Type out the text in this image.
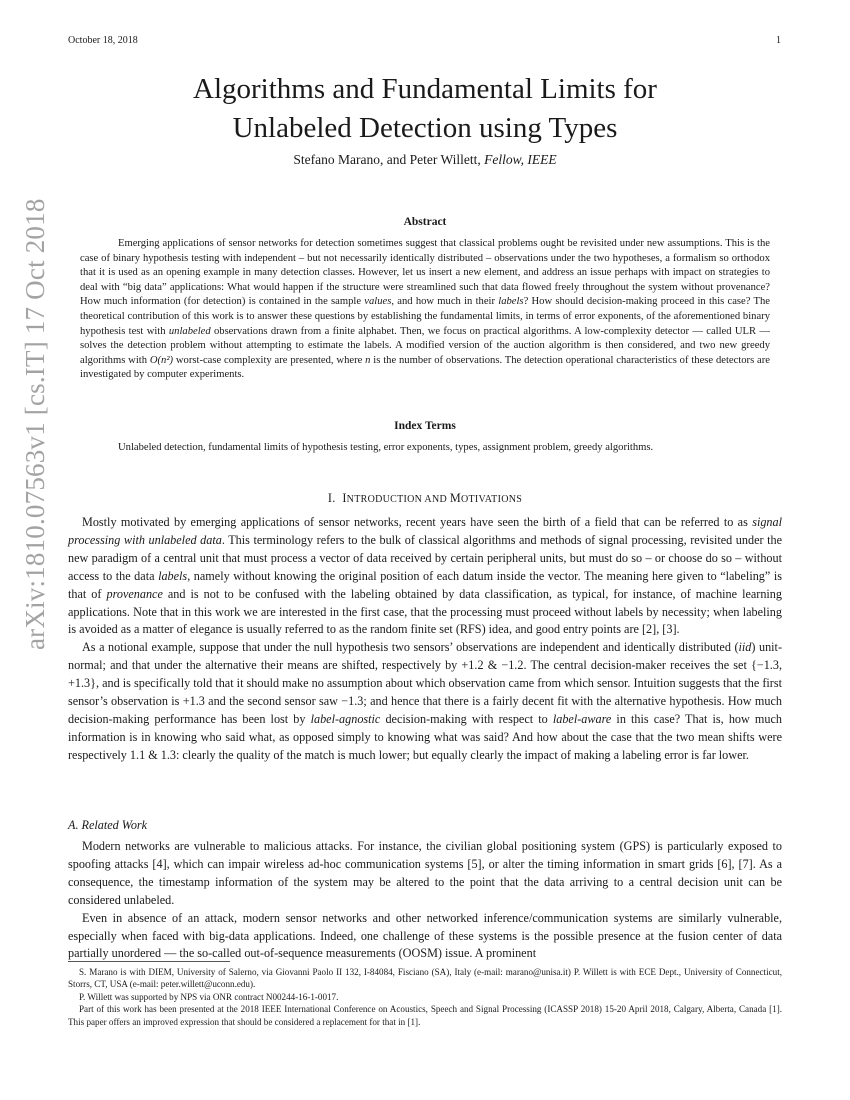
October 18, 2018	1
arXiv:1810.07563v1 [cs.IT] 17 Oct 2018
Algorithms and Fundamental Limits for
Unlabeled Detection using Types
Stefano Marano, and Peter Willett, Fellow, IEEE
Abstract
Emerging applications of sensor networks for detection sometimes suggest that classical problems ought be revisited under new assumptions. This is the case of binary hypothesis testing with independent – but not necessarily identically distributed – observations under the two hypotheses, a formalism so orthodox that it is used as an opening example in many detection classes. However, let us insert a new element, and address an issue perhaps with impact on strategies to deal with “big data” applications: What would happen if the structure were streamlined such that data flowed freely throughout the system without provenance? How much information (for detection) is contained in the sample values, and how much in their labels? How should decision-making proceed in this case? The theoretical contribution of this work is to answer these questions by establishing the fundamental limits, in terms of error exponents, of the aforementioned binary hypothesis test with unlabeled observations drawn from a finite alphabet. Then, we focus on practical algorithms. A low-complexity detector — called ULR — solves the detection problem without attempting to estimate the labels. A modified version of the auction algorithm is then considered, and two new greedy algorithms with O(n²) worst-case complexity are presented, where n is the number of observations. The detection operational characteristics of these detectors are investigated by computer experiments.
Index Terms
Unlabeled detection, fundamental limits of hypothesis testing, error exponents, types, assignment problem, greedy algorithms.
I. INTRODUCTION AND MOTIVATIONS

Mostly motivated by emerging applications of sensor networks, recent years have seen the birth of a field that can be referred to as signal processing with unlabeled data. This terminology refers to the bulk of classical algorithms and methods of signal processing, revisited under the new paradigm of a central unit that must process a vector of data received by certain peripheral units, but must do so – or choose do so – without access to the data labels, namely without knowing the original position of each datum inside the vector. The meaning here given to “labeling” is that of provenance and is not to be confused with the labeling obtained by data classification, as typical, for instance, of machine learning applications. Note that in this work we are interested in the first case, that the processing must proceed without labels by necessity; when labeling is avoided as a matter of elegance is usually referred to as the random finite set (RFS) idea, and good entry points are [2], [3].

As a notional example, suppose that under the null hypothesis two sensors’ observations are independent and identically distributed (iid) unit-normal; and that under the alternative their means are shifted, respectively by +1.2 & −1.2. The central decision-maker receives the set {−1.3, +1.3}, and is specifically told that it should make no assumption about which observation came from which sensor. Intuition suggests that the first sensor’s observation is +1.3 and the second sensor saw −1.3; and hence that there is a fairly decent fit with the alternative hypothesis. How much decision-making performance has been lost by label-agnostic decision-making with respect to label-aware in this case? That is, how much information is in knowing who said what, as opposed simply to knowing what was said? And how about the case that the two mean shifts were respectively 1.1 & 1.3: clearly the quality of the match is much lower; but equally clearly the impact of making a labeling error is far lower.

A. Related Work

Modern networks are vulnerable to malicious attacks. For instance, the civilian global positioning system (GPS) is particularly exposed to spoofing attacks [4], which can impair wireless ad-hoc communication systems [5], or alter the timing information in smart grids [6], [7]. As a consequence, the timestamp information of the system may be altered to the point that the data arriving to a central decision unit can be considered unlabeled.

Even in absence of an attack, modern sensor networks and other networked inference/communication systems are similarly vulnerable, especially when faced with big-data applications. Indeed, one challenge of these systems is the possible presence at the fusion center of data partially unordered — the so-called out-of-sequence measurements (OOSM) issue. A prominent

S. Marano is with DIEM, University of Salerno, via Giovanni Paolo II 132, I-84084, Fisciano (SA), Italy (e-mail: marano@unisa.it) P. Willett is with ECE Dept., University of Connecticut, Storrs, CT, USA (e-mail: peter.willett@uconn.edu).

P. Willett was supported by NPS via ONR contract N00244-16-1-0017.

Part of this work has been presented at the 2018 IEEE International Conference on Acoustics, Speech and Signal Processing (ICASSP 2018) 15-20 April 2018, Calgary, Alberta, Canada [1]. This paper offers an improved expression that should be considered a replacement for that in [1].
